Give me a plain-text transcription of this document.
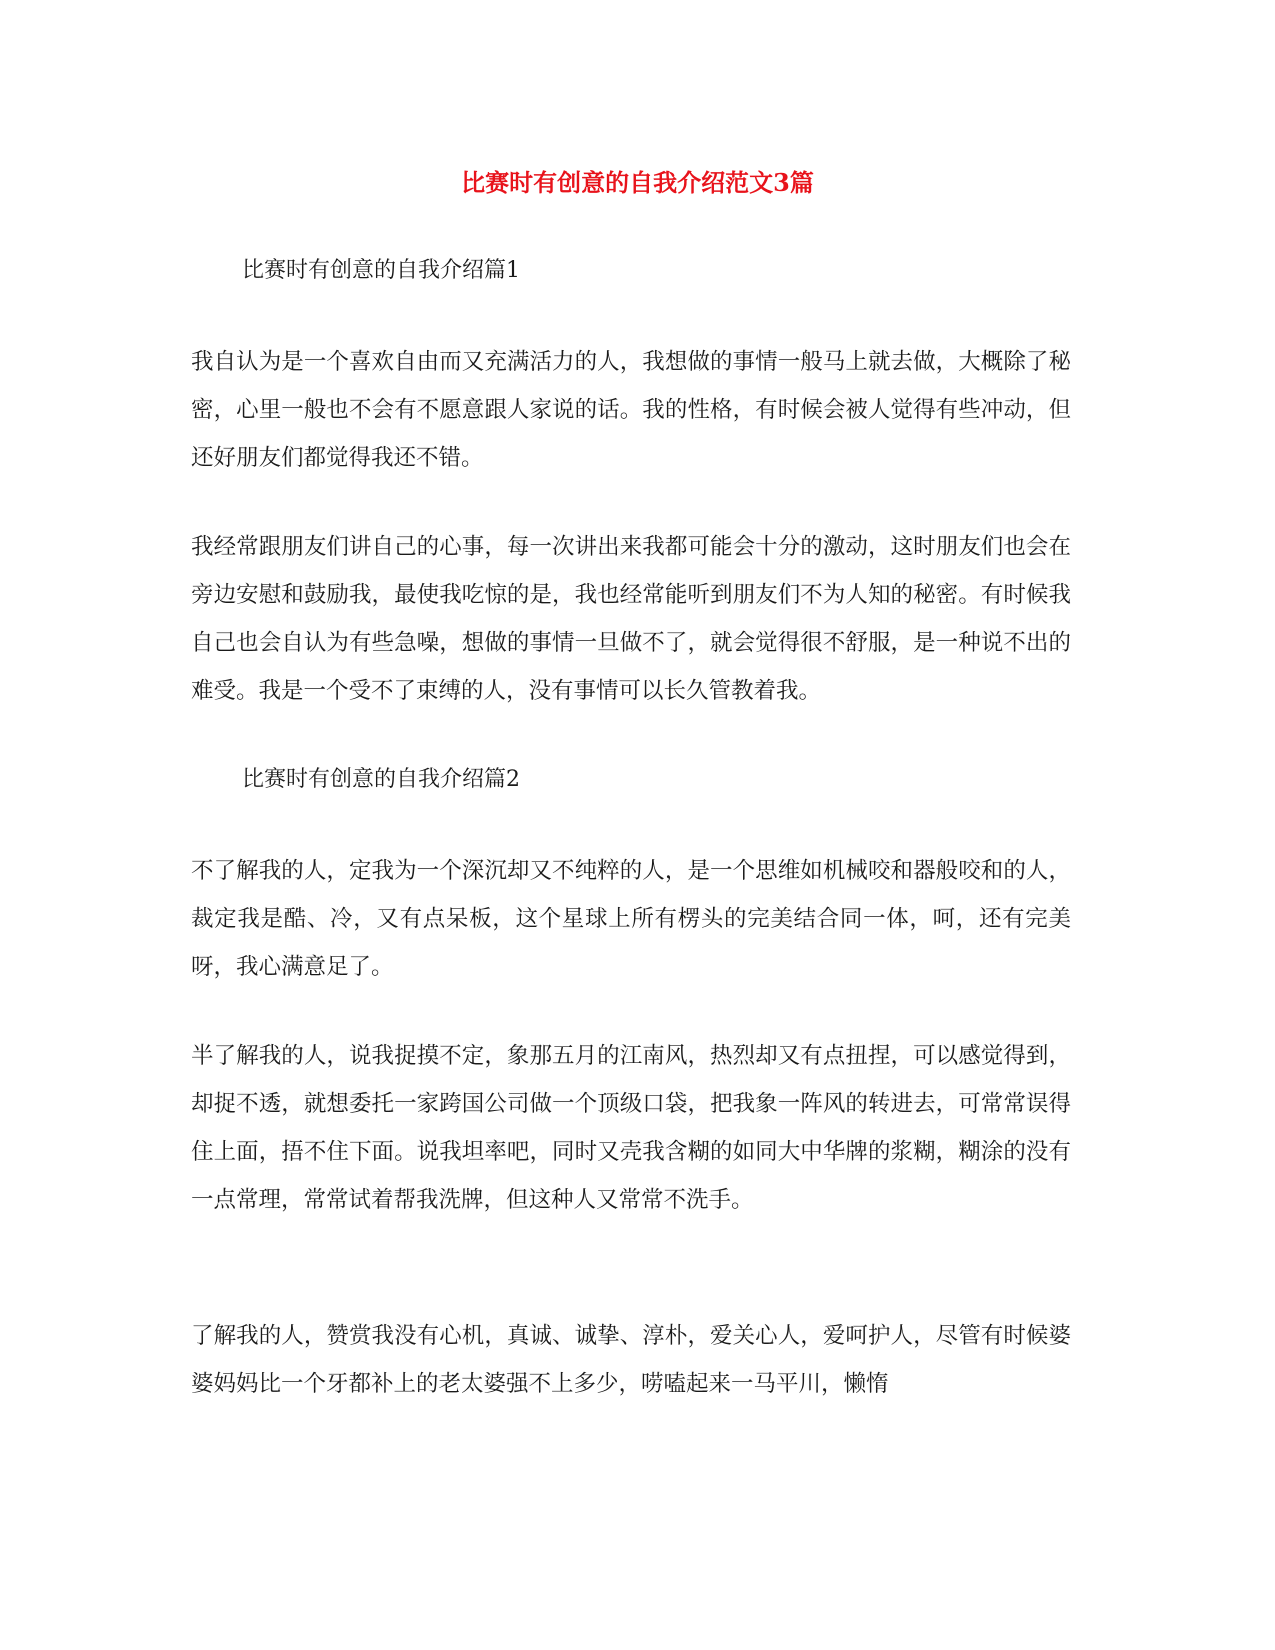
比赛时有创意的自我介绍范文3篇

比赛时有创意的自我介绍篇1

我自认为是一个喜欢自由而又充满活力的人，我想做的事情一般马上就去做，大概除了秘密，心里一般也不会有不愿意跟人家说的话。我的性格，有时候会被人觉得有些冲动，但还好朋友们都觉得我还不错。

我经常跟朋友们讲自己的心事，每一次讲出来我都可能会十分的激动，这时朋友们也会在旁边安慰和鼓励我，最使我吃惊的是，我也经常能听到朋友们不为人知的秘密。有时候我自己也会自认为有些急噪，想做的事情一旦做不了，就会觉得很不舒服，是一种说不出的难受。我是一个受不了束缚的人，没有事情可以长久管教着我。

比赛时有创意的自我介绍篇2

不了解我的人，定我为一个深沉却又不纯粹的人，是一个思维如机械咬和器般咬和的人，裁定我是酷、冷，又有点呆板，这个星球上所有楞头的完美结合同一体，呵，还有完美呀，我心满意足了。

半了解我的人，说我捉摸不定，象那五月的江南风，热烈却又有点扭捏，可以感觉得到，却捉不透，就想委托一家跨国公司做一个顶级口袋，把我象一阵风的转进去，可常常误得住上面，捂不住下面。说我坦率吧，同时又壳我含糊的如同大中华牌的浆糊，糊涂的没有一点常理，常常试着帮我洗牌，但这种人又常常不洗手。

了解我的人，赞赏我没有心机，真诚、诚挚、淳朴，爱关心人，爱呵护人，尽管有时候婆婆妈妈比一个牙都补上的老太婆强不上多少，唠嗑起来一马平川，懒惰
